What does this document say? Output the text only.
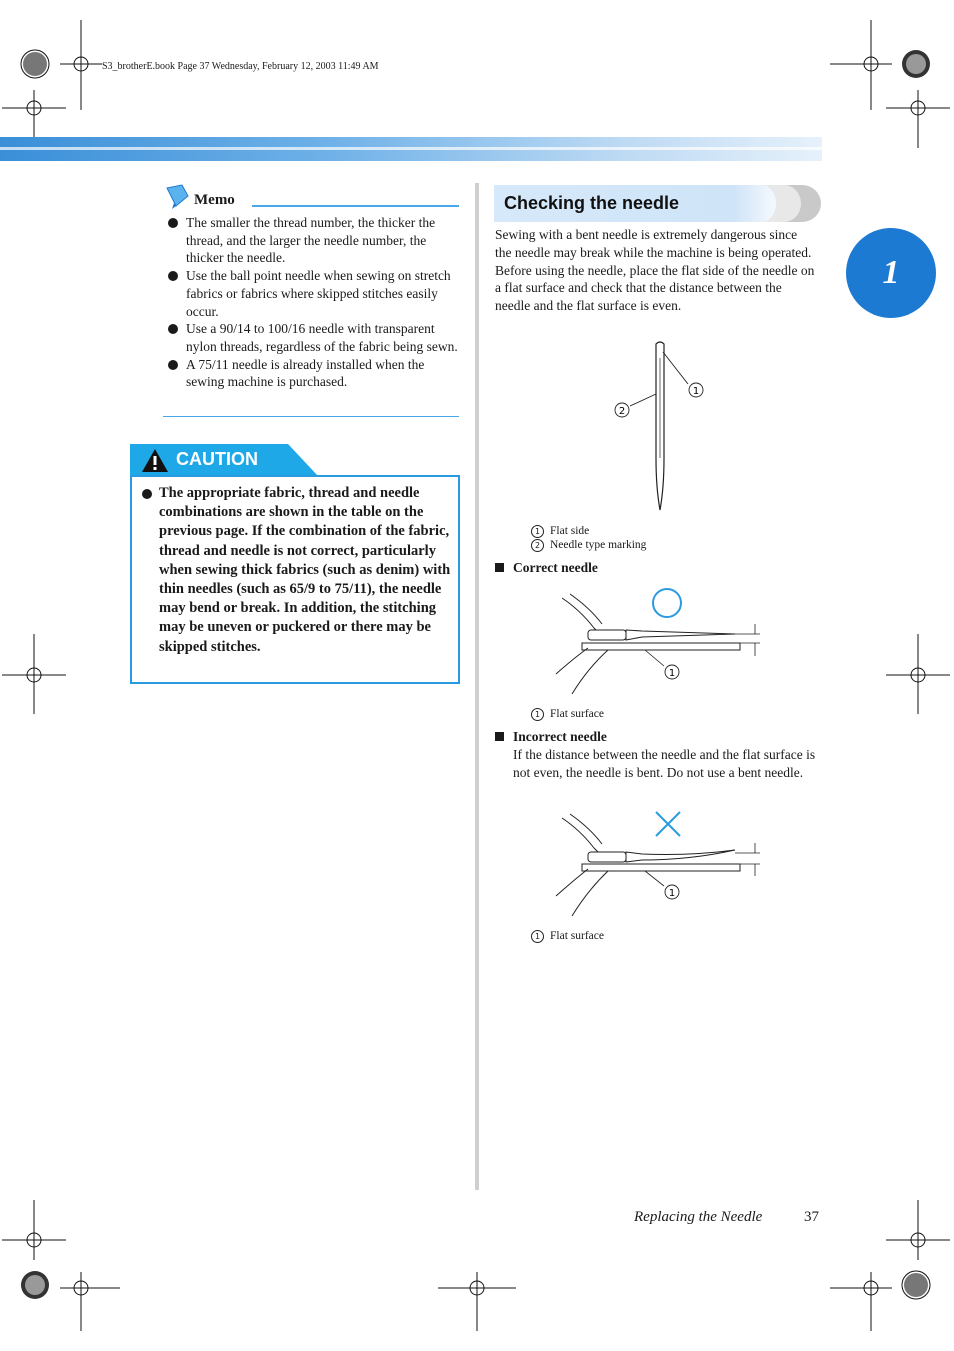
S3_brotherE.book Page 37 Wednesday, February 12, 2003 11:49 AM
1
Memo
The smaller the thread number, the thicker the thread, and the larger the needle number, the thicker the needle.
Use the ball point needle when sewing on stretch fabrics or fabrics where skipped stitches easily occur.
Use a 90/14 to 100/16 needle with transparent nylon threads, regardless of the fabric being sewn.
A 75/11 needle is already installed when the sewing machine is purchased.
CAUTION
The appropriate fabric, thread and needle combinations are shown in the table on the previous page. If the combination of the fabric, thread and needle is not correct, particularly when sewing thick fabrics (such as denim) with thin needles (such as 65/9 to 75/11), the needle may bend or break. In addition, the stitching may be uneven or puckered or there may be skipped stitches.
Checking the needle

Sewing with a bent needle is extremely dangerous since the needle may break while the machine is being operated.

Before using the needle, place the flat side of the needle on a flat surface and check that the distance between the needle and the flat surface is even.

1
2
1 Flat side
2 Needle type marking
Correct needle
1
1 Flat surface
Incorrect needle
If the distance between the needle and the flat surface is not even, the needle is bent. Do not use a bent needle.
1
1 Flat surface
Replacing the Needle	37
